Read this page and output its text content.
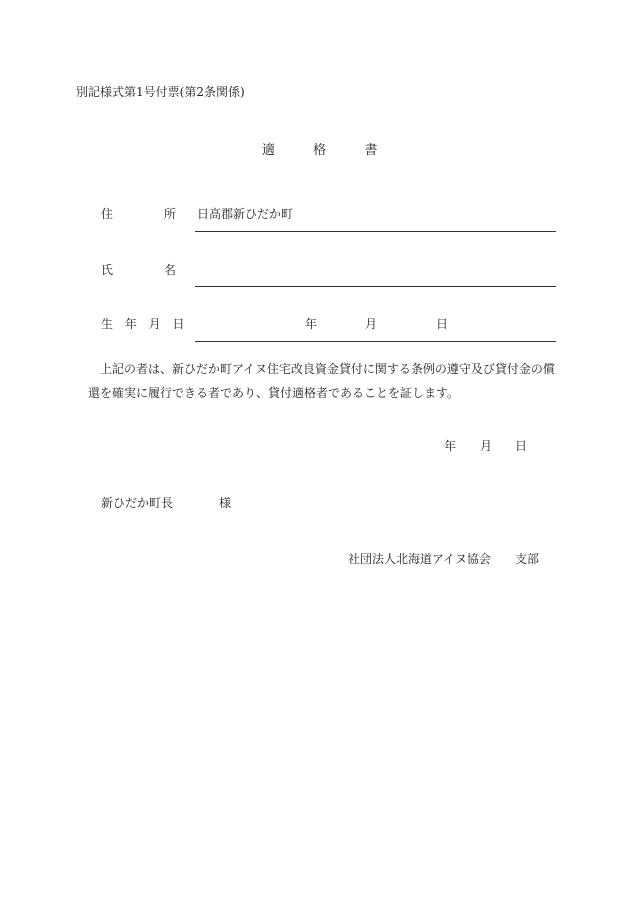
別記様式第1号付票(第2条関係)
適	格	書
住	所 日高郡新ひだか町
氏	名
生 年 月 日	年	月	日

上記の者は、新ひだか町アイヌ住宅改良資金貸付に関する条例の遵守及び貸付金の償還を確実に履行できる者であり、貸付適格者であることを証します。

年 月 日
新ひだか町長	様
社団法人北海道アイヌ協会 支部
